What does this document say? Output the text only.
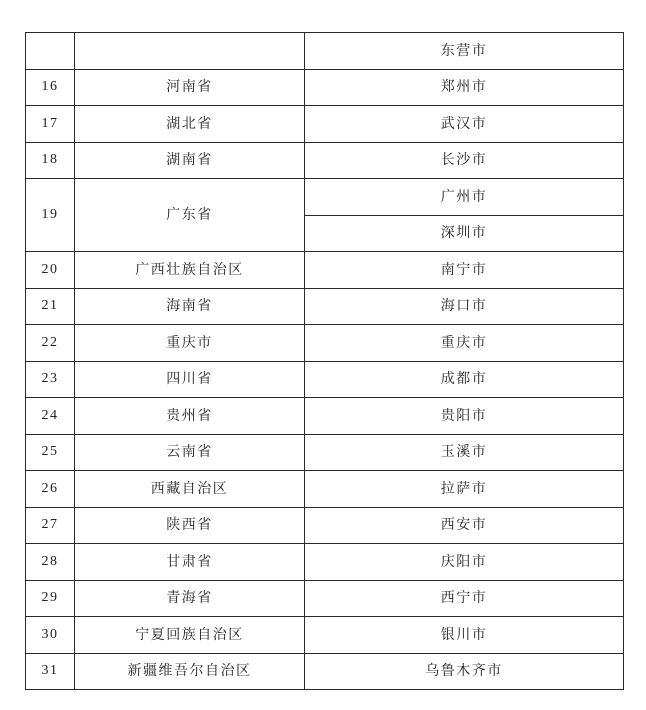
		东营市
16	河南省	郑州市
17	湖北省	武汉市
18	湖南省	长沙市
19	广东省	广州市
		深圳市
20	广西壮族自治区	南宁市
21	海南省	海口市
22	重庆市	重庆市
23	四川省	成都市
24	贵州省	贵阳市
25	云南省	玉溪市
26	西藏自治区	拉萨市
27	陕西省	西安市
28	甘肃省	庆阳市
29	青海省	西宁市
30	宁夏回族自治区	银川市
31	新疆维吾尔自治区	乌鲁木齐市
